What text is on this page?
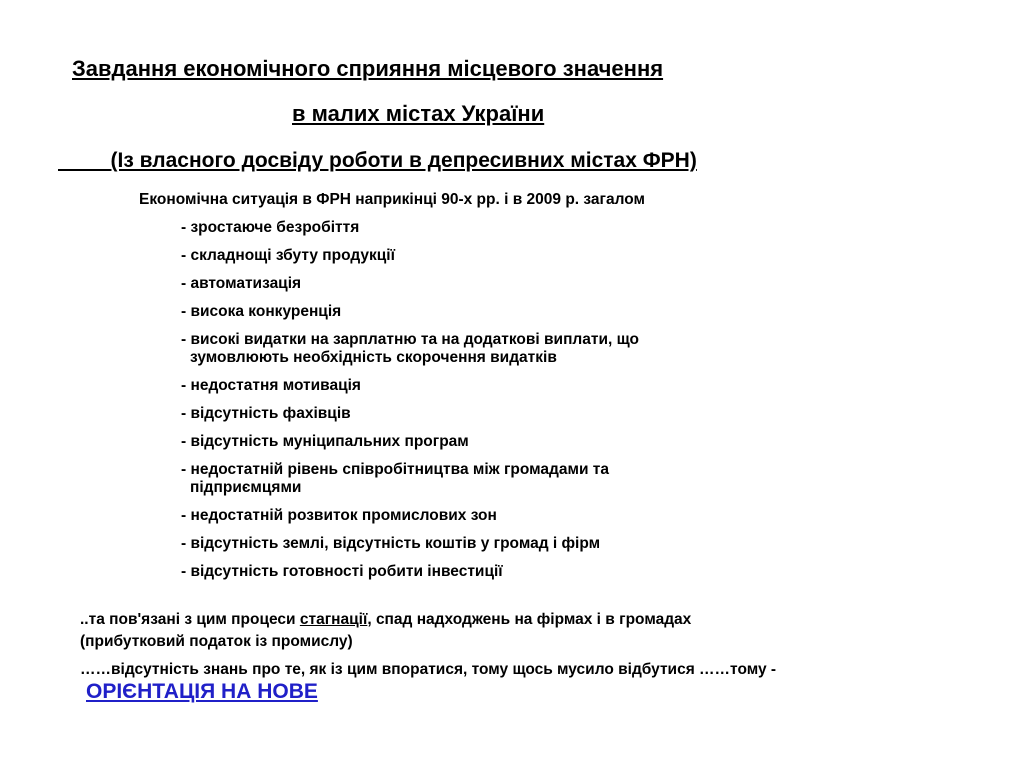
Завдання економічного сприяння місцевого значення
в малих містах України
(Із власного досвіду роботи в депресивних містах ФРН)
Економічна ситуація в ФРН наприкінці 90-х рр. і в 2009 р. загалом
- зростаюче безробіття
- складнощі збуту продукції
- автоматизація
- висока конкуренція
- високі видатки на зарплатню та на додаткові виплати, що
зумовлюють необхідність скорочення видатків
- недостатня мотивація
- відсутність фахівців
- відсутність муніципальних програм
- недостатній рівень співробітництва між громадами та
підприємцями
- недостатній розвиток промислових зон
- відсутність землі, відсутність коштів у громад і фірм
- відсутність готовності робити інвестиції

..та пов'язані з цим процеси стагнації, спад надходжень на фірмах і в громадах (прибутковий податок із промислу)

……відсутність знань про те, як із цим впоратися, тому щось мусило відбутися ……тому - ОРІЄНТАЦІЯ НА НОВЕ
